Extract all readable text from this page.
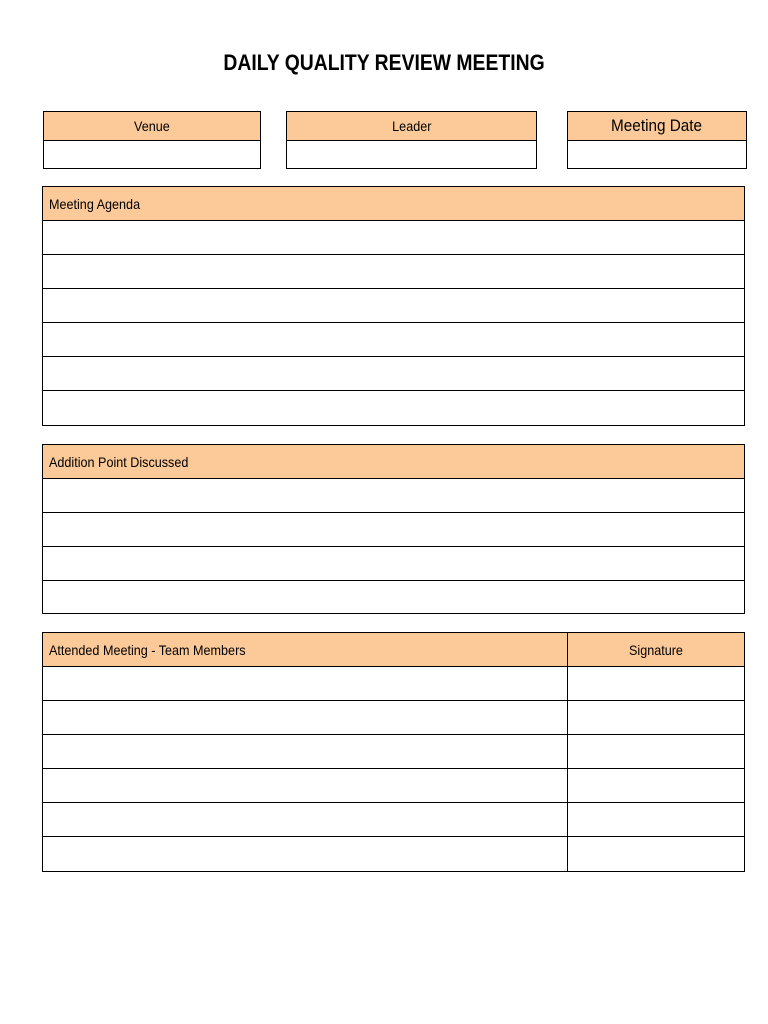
DAILY QUALITY REVIEW MEETING
Venue	Leader	Meeting Date
Meeting Agenda
Addition Point Discussed
Attended Meeting - Team Members	Signature
